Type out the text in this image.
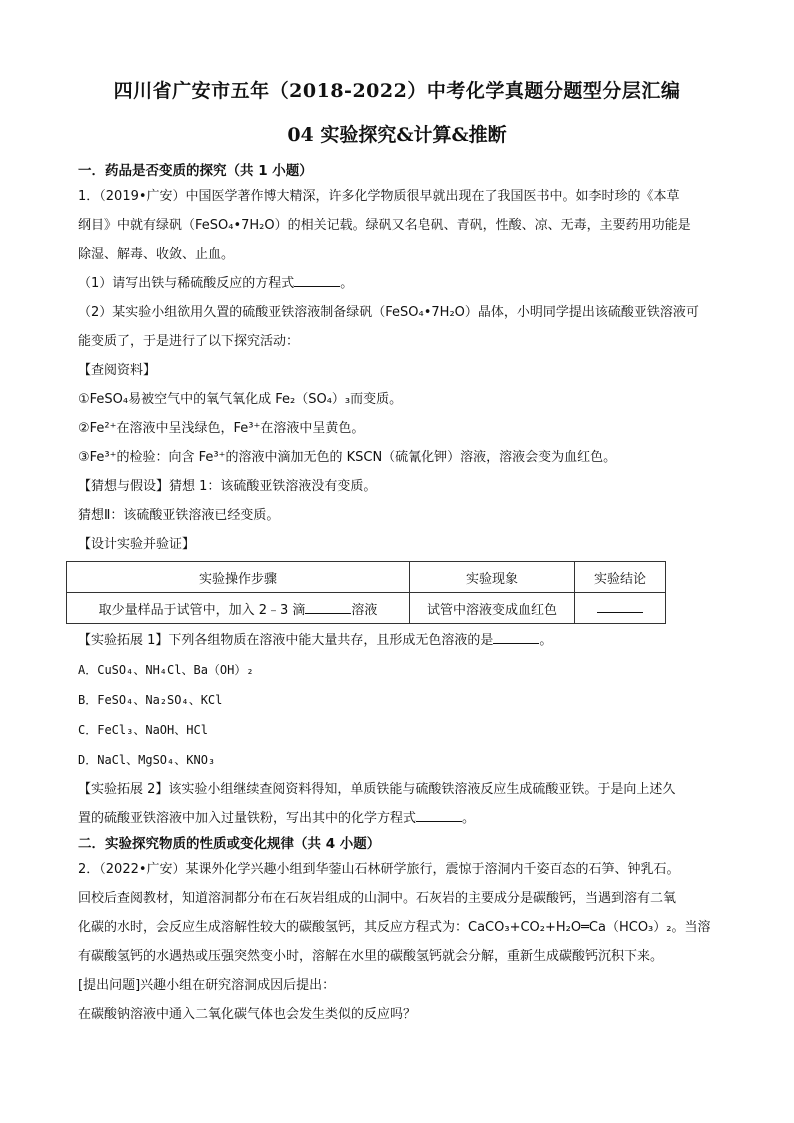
四川省广安市五年（2018-2022）中考化学真题分题型分层汇编
04 实验探究&计算&推断

一．药品是否变质的探究（共 1 小题）

1．（2019•广安）中国医学著作博大精深，许多化学物质很早就出现在了我国医书中。如李时珍的《本草

纲目》中就有绿矾（FeSO₄•7H₂O）的相关记载。绿矾又名皂矾、青矾，性酸、凉、无毒，主要药用功能是

除湿、解毒、收敛、止血。

（1）请写出铁与稀硫酸反应的方程式	。

（2）某实验小组欲用久置的硫酸亚铁溶液制备绿矾（FeSO₄•7H₂O）晶体，小明同学提出该硫酸亚铁溶液可

能变质了，于是进行了以下探究活动：

【查阅资料】

①FeSO₄易被空气中的氧气氧化成 Fe₂（SO₄）₃而变质。

②Fe²⁺在溶液中呈浅绿色，Fe³⁺在溶液中呈黄色。

③Fe³⁺的检验：向含 Fe³⁺的溶液中滴加无色的 KSCN（硫氰化钾）溶液，溶液会变为血红色。

【猜想与假设】猜想 1：该硫酸亚铁溶液没有变质。

猜想Ⅱ：该硫酸亚铁溶液已经变质。

【设计实验并验证】

实验操作步骤	实验现象	实验结论
取少量样品于试管中，加入 2﹣3 滴 溶液	试管中溶液变成血红色	

【实验拓展 1】下列各组物质在溶液中能大量共存，且形成无色溶液的是	。

A．CuSO₄、NH₄Cl、Ba（OH）₂

B．FeSO₄、Na₂SO₄、KCl

C．FeCl₃、NaOH、HCl

D．NaCl、MgSO₄、KNO₃

【实验拓展 2】该实验小组继续查阅资料得知，单质铁能与硫酸铁溶液反应生成硫酸亚铁。于是向上述久

置的硫酸亚铁溶液中加入过量铁粉，写出其中的化学方程式	。

二．实验探究物质的性质或变化规律（共 4 小题）

2．（2022•广安）某课外化学兴趣小组到华蓥山石林研学旅行，震惊于溶洞内千姿百态的石笋、钟乳石。

回校后查阅教材，知道溶洞都分布在石灰岩组成的山洞中。石灰岩的主要成分是碳酸钙，当遇到溶有二氧

化碳的水时，会反应生成溶解性较大的碳酸氢钙，其反应方程式为：CaCO₃+CO₂+H₂O═Ca（HCO₃）₂。当溶

有碳酸氢钙的水遇热或压强突然变小时，溶解在水里的碳酸氢钙就会分解，重新生成碳酸钙沉积下来。

[提出问题]兴趣小组在研究溶洞成因后提出：

在碳酸钠溶液中通入二氧化碳气体也会发生类似的反应吗？
